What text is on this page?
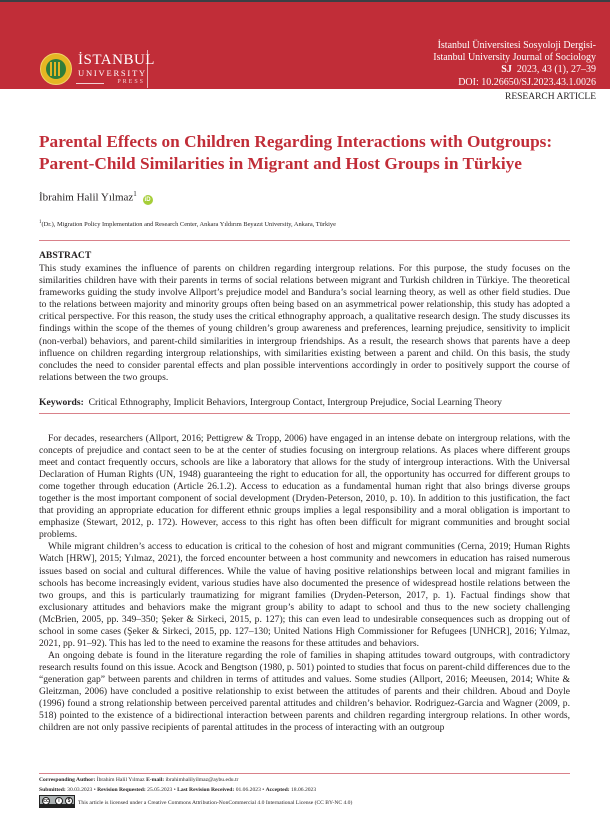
İSTANBUL
UNIVERSITY
PRESS
İstanbul Üniversitesi Sosyoloji Dergisi-
Istanbul University Journal of Sociology
SJ 2023, 43 (1), 27–39
DOI: 10.26650/SJ.2023.43.1.0026
RESEARCH ARTICLE
Parental Effects on Children Regarding Interactions with Outgroups:
Parent-Child Similarities in Migrant and Host Groups in Türkiye
İbrahim Halil Yılmaz$^1$ iD
$^1$(Dr.), Migration Policy Implementation and Research Center, Ankara Yıldırım Beyazıt University, Ankara, Türkiye
ABSTRACT
This study examines the influence of parents on children regarding intergroup relations. For this purpose, the study focuses on the similarities children have with their parents in terms of social relations between migrant and Turkish children in Türkiye. The theoretical frameworks guiding the study involve Allport’s prejudice model and Bandura’s social learning theory, as well as other field studies. Due to the relations between majority and minority groups often being based on an asymmetrical power relationship, this study has adopted a critical perspective. For this reason, the study uses the critical ethnography approach, a qualitative research design. The study discusses its findings within the scope of the themes of young children’s group awareness and preferences, learning prejudice, sensitivity to implicit (non-verbal) behaviors, and parent-child similarities in intergroup friendships. As a result, the research shows that parents have a deep influence on children regarding intergroup relationships, with similarities existing between a parent and child. On this basis, the study concludes the need to consider parental effects and plan possible interventions accordingly in order to positively support the course of relations between the two groups.
Keywords: Critical Ethnography, Implicit Behaviors, Intergroup Contact, Intergroup Prejudice, Social Learning Theory

For decades, researchers (Allport, 2016; Pettigrew & Tropp, 2006) have engaged in an intense debate on intergroup relations, with the concepts of prejudice and contact seen to be at the center of studies focusing on intergroup relations. As places where different groups meet and contact frequently occurs, schools are like a laboratory that allows for the study of intergroup interactions. With the Universal Declaration of Human Rights (UN, 1948) guaranteeing the right to education for all, the opportunity has occurred for different groups to come together through education (Article 26.1.2). Access to education as a fundamental human right that also brings diverse groups together is the most important component of social development (Dryden-Peterson, 2010, p. 10). In addition to this justification, the fact that providing an appropriate education for different ethnic groups implies a legal responsibility and a moral obligation is important to emphasize (Stewart, 2012, p. 172). However, access to this right has often been difficult for migrant communities and brought social problems.

While migrant children’s access to education is critical to the cohesion of host and migrant communities (Cerna, 2019; Human Rights Watch [HRW], 2015; Yılmaz, 2021), the forced encounter between a host community and newcomers in education has raised numerous issues based on social and cultural differences. While the value of having positive relationships between local and migrant families in schools has become increasingly evident, various studies have also documented the presence of widespread hostile relations between the two groups, and this is particularly traumatizing for migrant families (Dryden-Peterson, 2017, p. 1). Factual findings show that exclusionary attitudes and behaviors make the migrant group’s ability to adapt to school and thus to the new society challenging (McBrien, 2005, pp. 349–350; Şeker & Sirkeci, 2015, p. 127); this can even lead to undesirable consequences such as dropping out of school in some cases (Şeker & Sirkeci, 2015, pp. 127–130; United Nations High Commissioner for Refugees [UNHCR], 2016; Yılmaz, 2021, pp. 91–92). This has led to the need to examine the reasons for these attitudes and behaviors.

An ongoing debate is found in the literature regarding the role of families in shaping attitudes toward outgroups, with contradictory research results found on this issue. Acock and Bengtson (1980, p. 501) pointed to studies that focus on parent-child differences due to the “generation gap” between parents and children in terms of attitudes and values. Some studies (Allport, 2016; Meeusen, 2014; White & Gleitzman, 2006) have concluded a positive relationship to exist between the attitudes of parents and their children. Aboud and Doyle (1996) found a strong relationship between perceived parental attitudes and children’s behavior. Rodriguez-Garcia and Wagner (2009, p. 518) pointed to the existence of a bidirectional interaction between parents and children regarding intergroup relations. In other words, children are not only passive recipients of parental attitudes in the process of interacting with an outgroup

Corresponding Author: İbrahim Halil Yılmaz E-mail: ibrahimhalilyilmaz@aybu.edu.tr
Submitted: 30.03.2023 • Revision Requested: 25.05.2023 • Last Revision Received: 01.06.2023 • Accepted: 18.06.2023
cc	i	$	This article is licensed under a Creative Commons Attribution-NonCommercial 4.0 International License (CC BY-NC 4.0)
